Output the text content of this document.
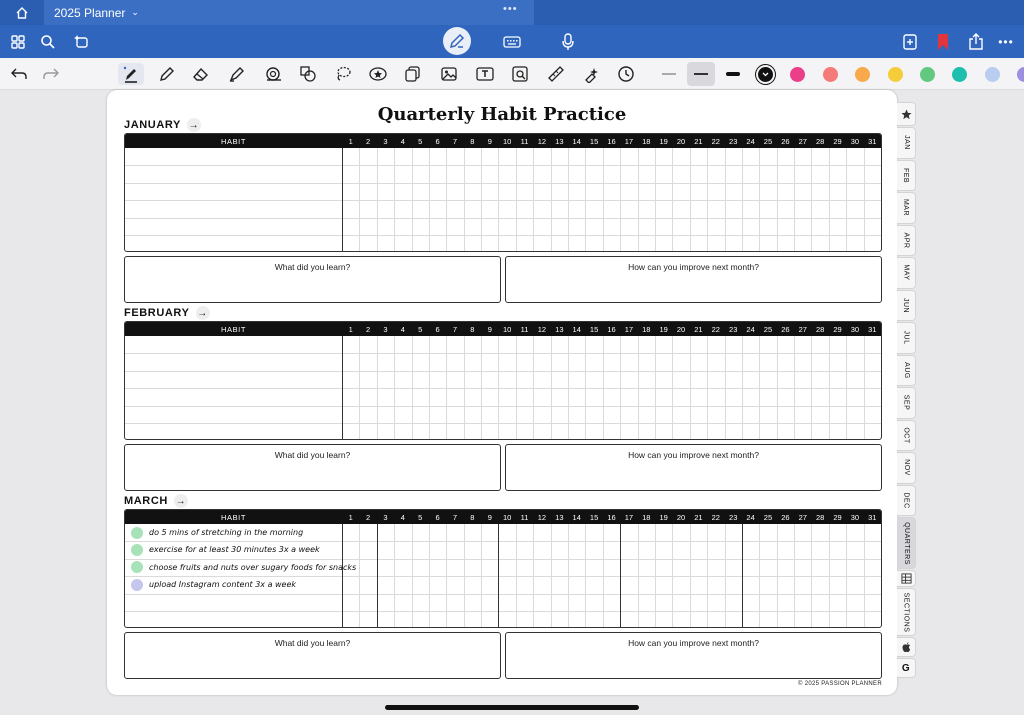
2025 Planner ⌄	•••
•••
Quarterly Habit Practice
JANUARY →
HABIT	1	2	3	4	5	6	7	8	9	10	11	12	13	14	15	16	17	18	19	20	21	22	23	24	25	26	27	28	29	30	31
What did you learn?	How can you improve next month?
FEBRUARY →
HABIT	1	2	3	4	5	6	7	8	9	10	11	12	13	14	15	16	17	18	19	20	21	22	23	24	25	26	27	28	29	30	31
What did you learn?	How can you improve next month?
MARCH →
HABIT	1	2	3	4	5	6	7	8	9	10	11	12	13	14	15	16	17	18	19	20	21	22	23	24	25	26	27	28	29	30	31
do 5 mins of stretching in the morning
exercise for at least 30 minutes 3x a week
choose fruits and nuts over sugary foods for snacks
upload Instagram content 3x a week
What did you learn?	How can you improve next month?
© 2025 PASSION PLANNER
JAN
FEB
MAR
APR
MAY
JUN
JUL
AUG
SEP
OCT
NOV
DEC
QUARTERS
SECTIONS
G
